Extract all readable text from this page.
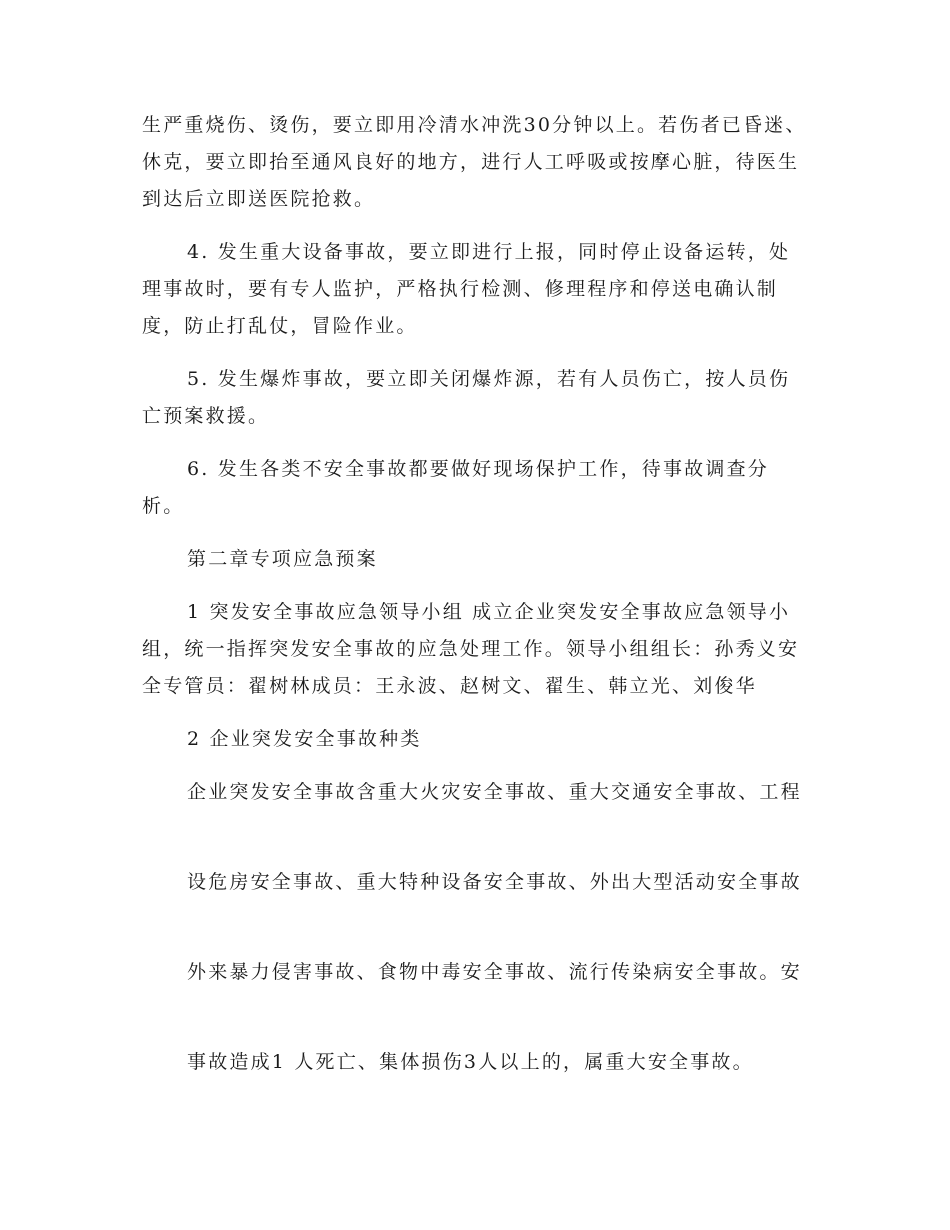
生严重烧伤、烫伤，要立即用冷清水冲洗30分钟以上。若伤者已昏迷、休克，要立即抬至通风良好的地方，进行人工呼吸或按摩心脏，待医生到达后立即送医院抢救。

4. 发生重大设备事故，要立即进行上报，同时停止设备运转，处理事故时，要有专人监护，严格执行检测、修理程序和停送电确认制度，防止打乱仗，冒险作业。

5. 发生爆炸事故，要立即关闭爆炸源，若有人员伤亡，按人员伤亡预案救援。

6. 发生各类不安全事故都要做好现场保护工作，待事故调查分析。

第二章专项应急预案

1 突发安全事故应急领导小组 成立企业突发安全事故应急领导小组，统一指挥突发安全事故的应急处理工作。领导小组组长：孙秀义安全专管员：翟树林成员：王永波、赵树文、翟生、韩立光、刘俊华

2 企业突发安全事故种类

企业突发安全事故含重大火灾安全事故、重大交通安全事故、工程

设危房安全事故、重大特种设备安全事故、外出大型活动安全事故

外来暴力侵害事故、食物中毒安全事故、流行传染病安全事故。安

事故造成1 人死亡、集体损伤3人以上的，属重大安全事故。
